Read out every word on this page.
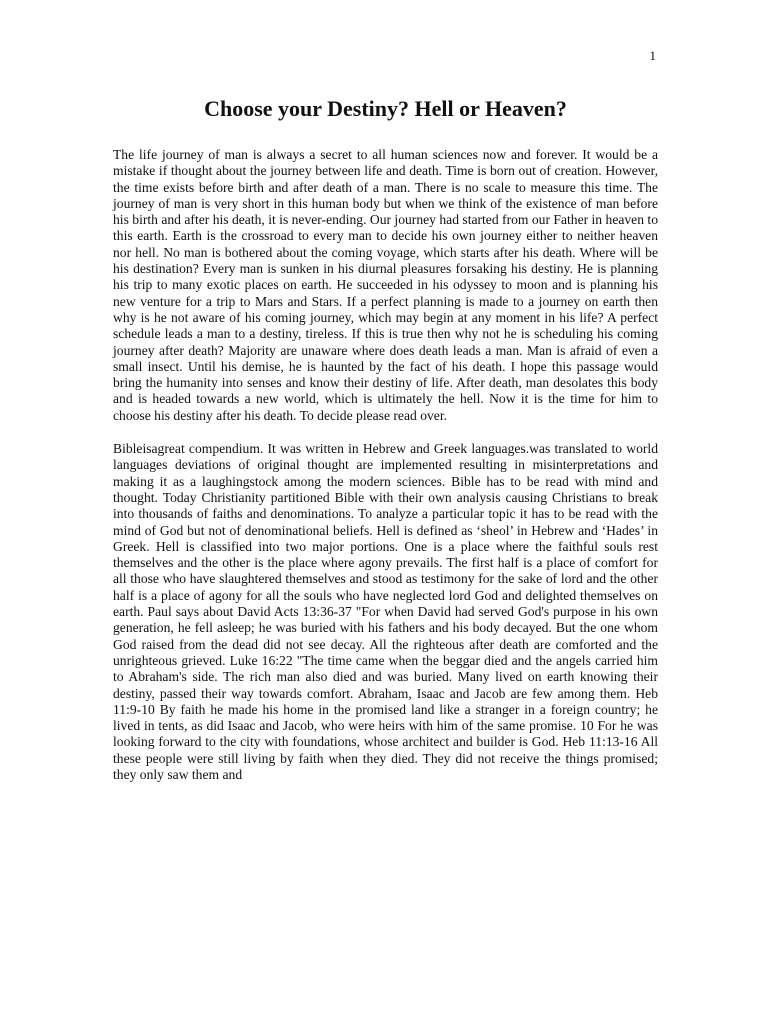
1
Choose your Destiny? Hell or Heaven?

The life journey of man is always a secret to all human sciences now and forever. It would be a mistake if thought about the journey between life and death. Time is born out of creation. However, the time exists before birth and after death of a man. There is no scale to measure this time. The journey of man is very short in this human body but when we think of the existence of man before his birth and after his death, it is never-ending. Our journey had started from our Father in heaven to this earth. Earth is the crossroad to every man to decide his own journey either to neither heaven nor hell. No man is bothered about the coming voyage, which starts after his death. Where will be his destination? Every man is sunken in his diurnal pleasures forsaking his destiny. He is planning his trip to many exotic places on earth. He succeeded in his odyssey to moon and is planning his new venture for a trip to Mars and Stars. If a perfect planning is made to a journey on earth then why is he not aware of his coming journey, which may begin at any moment in his life? A perfect schedule leads a man to a destiny, tireless. If this is true then why not he is scheduling his coming journey after death? Majority are unaware where does death leads a man. Man is afraid of even a small insect. Until his demise, he is haunted by the fact of his death. I hope this passage would bring the humanity into senses and know their destiny of life. After death, man desolates this body and is headed towards a new world, which is ultimately the hell. Now it is the time for him to choose his destiny after his death. To decide please read over.

Bibleisagreat compendium. It was written in Hebrew and Greek languages.was translated to world languages deviations of original thought are implemented resulting in misinterpretations and making it as a laughingstock among the modern sciences. Bible has to be read with mind and thought. Today Christianity partitioned Bible with their own analysis causing Christians to break into thousands of faiths and denominations. To analyze a particular topic it has to be read with the mind of God but not of denominational beliefs. Hell is defined as ‘sheol’ in Hebrew and ‘Hades’ in Greek. Hell is classified into two major portions. One is a place where the faithful souls rest themselves and the other is the place where agony prevails. The first half is a place of comfort for all those who have slaughtered themselves and stood as testimony for the sake of lord and the other half is a place of agony for all the souls who have neglected lord God and delighted themselves on earth. Paul says about David Acts 13:36-37 "For when David had served God's purpose in his own generation, he fell asleep; he was buried with his fathers and his body decayed. But the one whom God raised from the dead did not see decay. All the righteous after death are comforted and the unrighteous grieved. Luke 16:22 "The time came when the beggar died and the angels carried him to Abraham's side. The rich man also died and was buried. Many lived on earth knowing their destiny, passed their way towards comfort. Abraham, Isaac and Jacob are few among them. Heb 11:9-10 By faith he made his home in the promised land like a stranger in a foreign country; he lived in tents, as did Isaac and Jacob, who were heirs with him of the same promise. 10 For he was looking forward to the city with foundations, whose architect and builder is God. Heb 11:13-16 All these people were still living by faith when they died. They did not receive the things promised; they only saw them and
